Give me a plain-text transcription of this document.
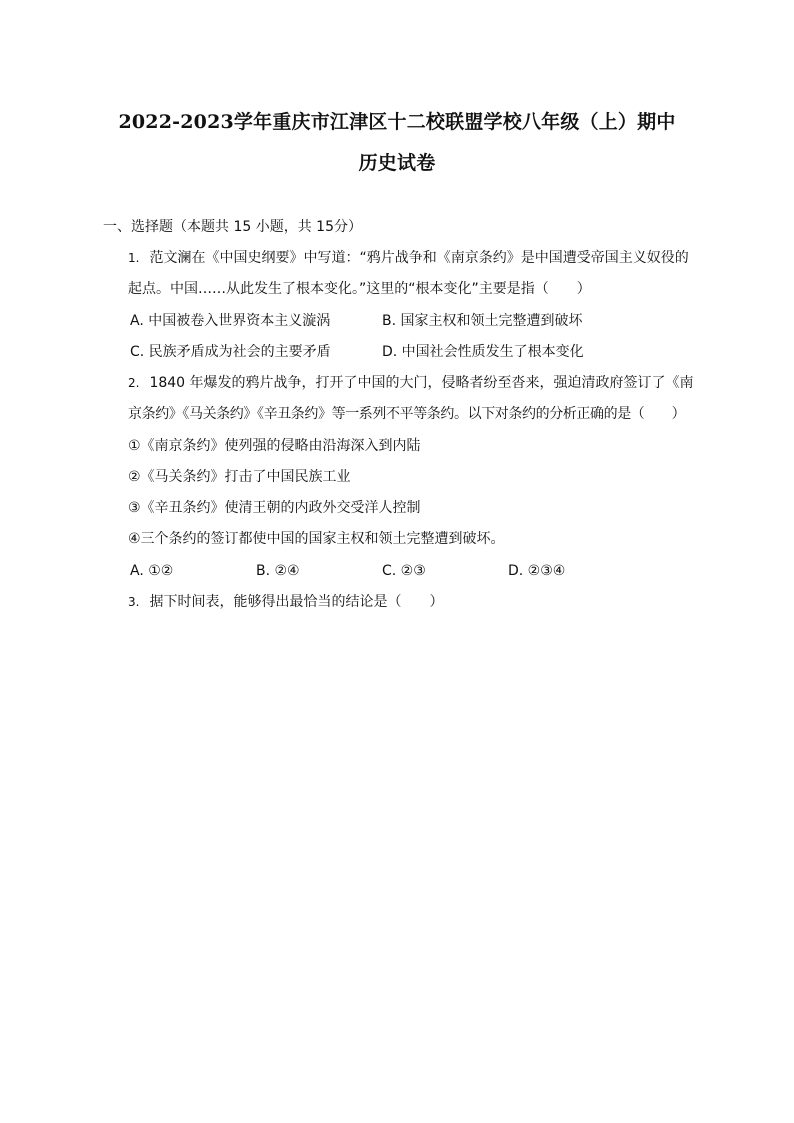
2022-2023学年重庆市江津区十二校联盟学校八年级（上）期中
历史试卷
一、选择题（本题共 15 小题，共 15分）
1. 范文澜在《中国史纲要》中写道：“鸦片战争和《南京条约》是中国遭受帝国主义奴役的
起点。中国……从此发生了根本变化。”这里的“根本变化”主要是指（　　）
A. 中国被卷入世界资本主义漩涡	B. 国家主权和领土完整遭到破坏
C. 民族矛盾成为社会的主要矛盾	D. 中国社会性质发生了根本变化
2. 1840 年爆发的鸦片战争，打开了中国的大门，侵略者纷至沓来，强迫清政府签订了《南
京条约》《马关条约》《辛丑条约》等一系列不平等条约。以下对条约的分析正确的是（　　）
①《南京条约》使列强的侵略由沿海深入到内陆
②《马关条约》打击了中国民族工业
③《辛丑条约》使清王朝的内政外交受洋人控制
④三个条约的签订都使中国的国家主权和领土完整遭到破坏。
A. ①②	B. ②④	C. ②③	D. ②③④
3. 据下时间表，能够得出最恰当的结论是（　　）
